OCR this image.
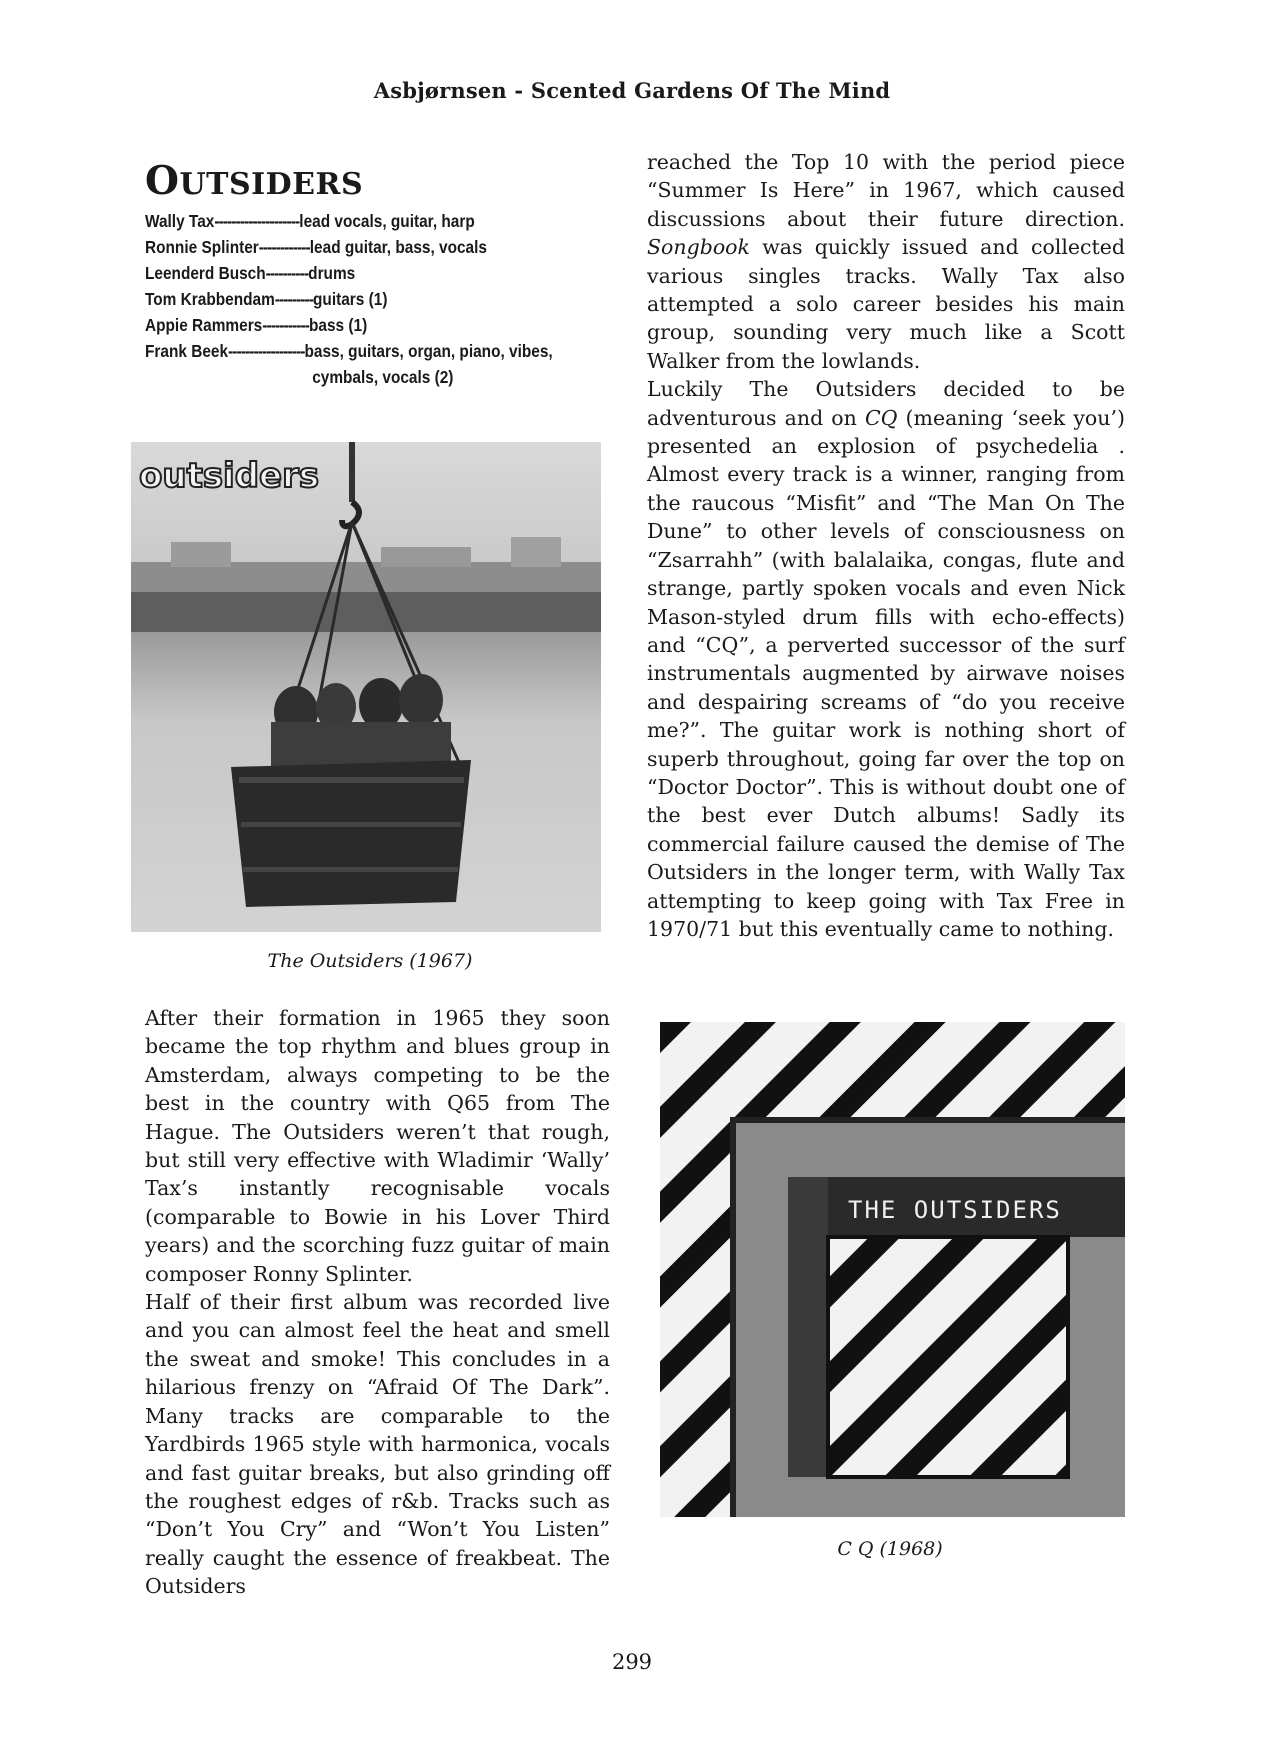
Asbjørnsen - Scented Gardens Of The Mind
OUTSIDERS
Wally Tax -------------------- lead vocals, guitar, harp
Ronnie Splinter ------------ lead guitar, bass, vocals
Leenderd Busch ---------- drums
Tom Krabbendam --------- guitars (1)
Appie Rammers ----------- bass (1)
Frank Beek ------------------ bass, guitars, organ, piano, vibes,
cymbals, vocals (2)
outsiders
The Outsiders (1967)

After their formation in 1965 they soon became the top rhythm and blues group in Amsterdam, always competing to be the best in the country with Q65 from The Hague. The Outsiders weren’t that rough, but still very effective with Wladimir ‘Wally’ Tax’s instantly recognisable vocals (comparable to Bowie in his Lover Third years) and the scorching fuzz guitar of main composer Ronny Splinter.

Half of their first album was recorded live and you can almost feel the heat and smell the sweat and smoke! This concludes in a hilarious frenzy on “Afraid Of The Dark”. Many tracks are comparable to the Yardbirds 1965 style with harmonica, vocals and fast guitar breaks, but also grinding off the roughest edges of r&b. Tracks such as “Don’t You Cry” and “Won’t You Listen” really caught the essence of freakbeat. The Outsiders

reached the Top 10 with the period piece “Summer Is Here” in 1967, which caused discussions about their future direction. Songbook was quickly issued and collected various singles tracks. Wally Tax also attempted a solo career besides his main group, sounding very much like a Scott Walker from the lowlands.

Luckily The Outsiders decided to be adventurous and on CQ (meaning ‘seek you’) presented an explosion of psychedelia . Almost every track is a winner, ranging from the raucous “Misfit” and “The Man On The Dune” to other levels of consciousness on “Zsarrahh” (with balalaika, congas, flute and strange, partly spoken vocals and even Nick Mason-styled drum fills with echo-effects) and “CQ”, a perverted successor of the surf instrumentals augmented by airwave noises and despairing screams of “do you receive me?”. The guitar work is nothing short of superb throughout, going far over the top on “Doctor Doctor”. This is without doubt one of the best ever Dutch albums! Sadly its commercial failure caused the demise of The Outsiders in the longer term, with Wally Tax attempting to keep going with Tax Free in 1970/71 but this eventually came to nothing.

THE OUTSIDERS
C Q (1968)
299
